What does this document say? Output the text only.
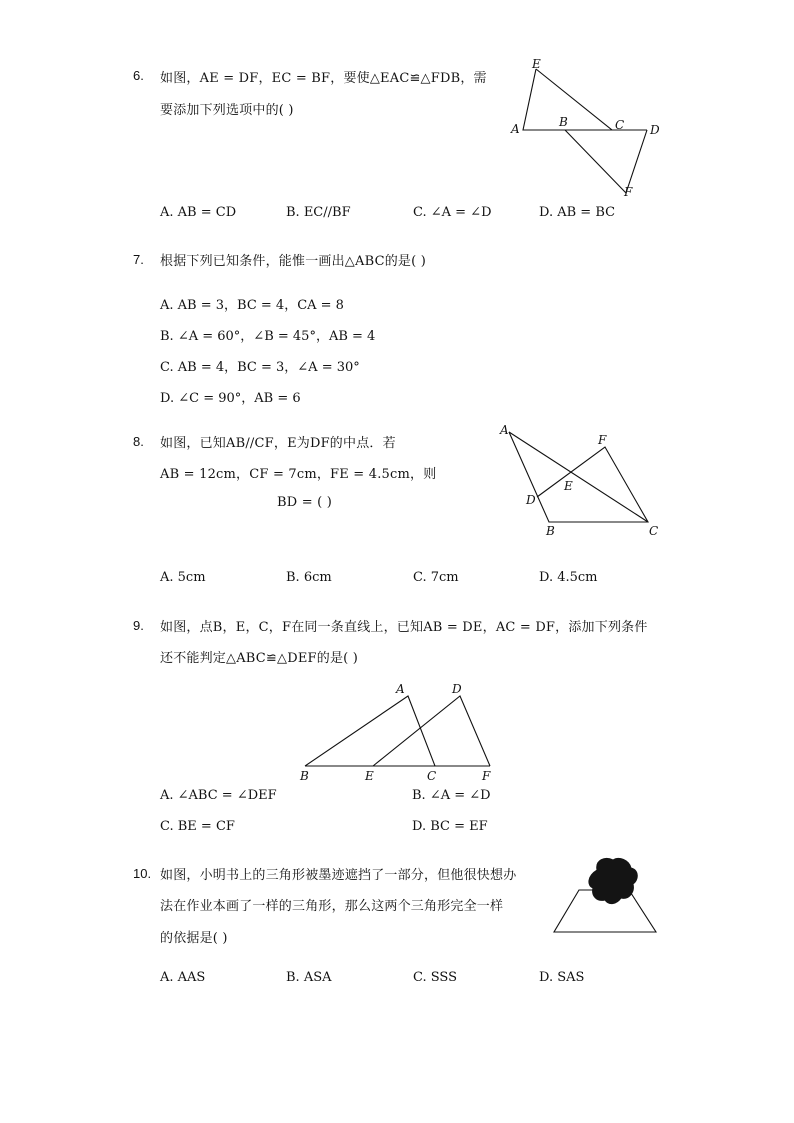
6. 如图，AE = DF，EC = BF，要使△EAC≌△FDB，需
要添加下列选项中的( )
E
A	B	C D
F
A. AB = CD	B. EC//BF	C. ∠A = ∠D	D. AB = BC
7. 根据下列已知条件，能惟一画出△ABC的是( )
A. AB = 3，BC = 4，CA = 8
B. ∠A = 60°，∠B = 45°，AB = 4
C. AB = 4，BC = 3，∠A = 30°
D. ∠C = 90°，AB = 6
8. 如图，已知AB//CF，E为DF的中点．若
AB = 12cm，CF = 7cm，FE = 4.5cm，则
BD = ( )
A
F
E
D
B	C
A. 5cm	B. 6cm	C. 7cm	D. 4.5cm
9. 如图，点B，E，C，F在同一条直线上，已知AB = DE，AC = DF，添加下列条件
还不能判定△ABC≌△DEF的是( )
A	D
B	E	C	F
A. ∠ABC = ∠DEF	B. ∠A = ∠D
C. BE = CF	D. BC = EF
10. 如图，小明书上的三角形被墨迹遮挡了一部分，但他很快想办
法在作业本画了一样的三角形，那么这两个三角形完全一样
的依据是( )
A. AAS	B. ASA	C. SSS	D. SAS
